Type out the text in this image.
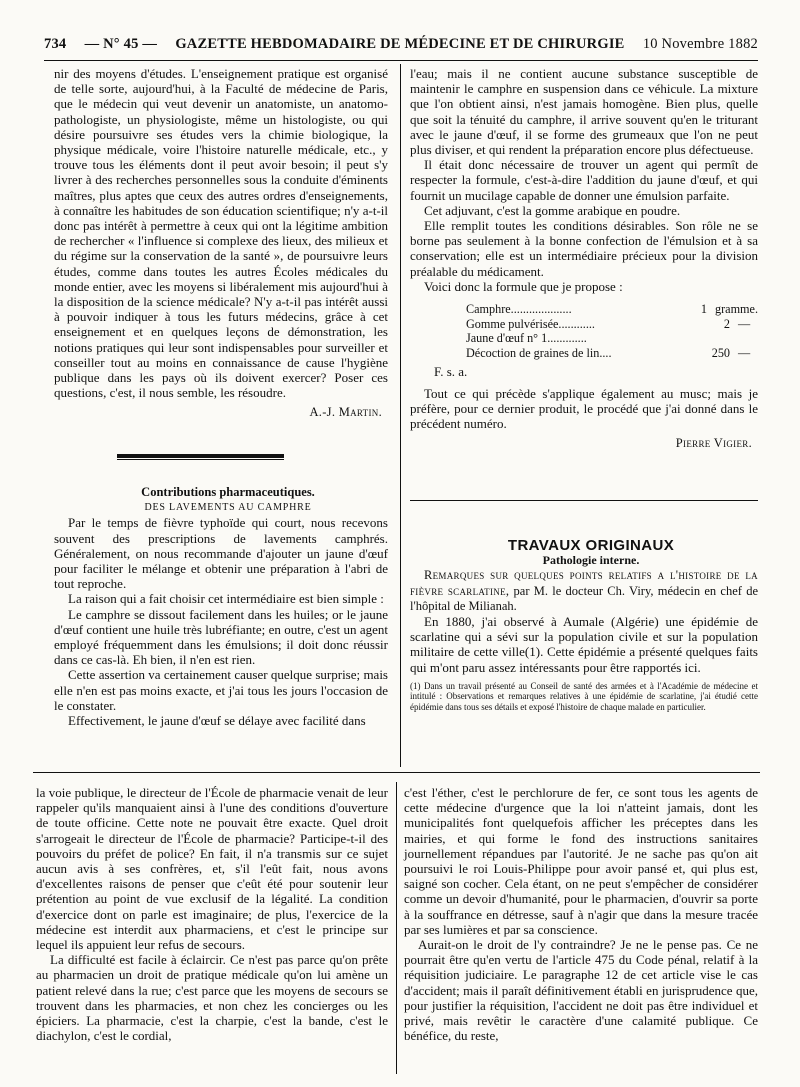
734 — N° 45 — GAZETTE HEBDOMADAIRE DE MÉDECINE ET DE CHIRURGIE 10 Novembre 1882

nir des moyens d'études. L'enseignement pratique est organisé de telle sorte, aujourd'hui, à la Faculté de médecine de Paris, que le médecin qui veut devenir un anatomiste, un anatomo-pathologiste, un physiologiste, même un histologiste, ou qui désire poursuivre ses études vers la chimie biologique, la physique médicale, voire l'histoire naturelle médicale, etc., y trouve tous les éléments dont il peut avoir besoin; il peut s'y livrer à des recherches personnelles sous la conduite d'éminents maîtres, plus aptes que ceux des autres ordres d'enseignements, à connaître les habitudes de son éducation scientifique; n'y a-t-il donc pas intérêt à permettre à ceux qui ont la légitime ambition de rechercher « l'influence si complexe des lieux, des milieux et du régime sur la conservation de la santé », de poursuivre leurs études, comme dans toutes les autres Écoles médicales du monde entier, avec les moyens si libéralement mis aujourd'hui à la disposition de la science médicale? N'y a-t-il pas intérêt aussi à pouvoir indiquer à tous les futurs médecins, grâce à cet enseignement et en quelques leçons de démonstration, les notions pratiques qui leur sont indispensables pour surveiller et conseiller tout au moins en connaissance de cause l'hygiène publique dans les pays où ils doivent exercer? Poser ces questions, c'est, il nous semble, les résoudre.

A.-J. Martin.

Contributions pharmaceutiques.

DES LAVEMENTS AU CAMPHRE

Par le temps de fièvre typhoïde qui court, nous recevons souvent des prescriptions de lavements camphrés. Généralement, on nous recommande d'ajouter un jaune d'œuf pour faciliter le mélange et obtenir une préparation à l'abri de tout reproche.

La raison qui a fait choisir cet intermédiaire est bien simple :

Le camphre se dissout facilement dans les huiles; or le jaune d'œuf contient une huile très lubréfiante; en outre, c'est un agent employé fréquemment dans les émulsions; il doit donc réussir dans ce cas-là. Eh bien, il n'en est rien.

Cette assertion va certainement causer quelque surprise; mais elle n'en est pas moins exacte, et j'ai tous les jours l'occasion de le constater.

Effectivement, le jaune d'œuf se délaye avec facilité dans

l'eau; mais il ne contient aucune substance susceptible de maintenir le camphre en suspension dans ce véhicule. La mixture que l'on obtient ainsi, n'est jamais homogène. Bien plus, quelle que soit la ténuité du camphre, il arrive souvent qu'en le triturant avec le jaune d'œuf, il se forme des grumeaux que l'on ne peut plus diviser, et qui rendent la préparation encore plus défectueuse.

Il était donc nécessaire de trouver un agent qui permît de respecter la formule, c'est-à-dire l'addition du jaune d'œuf, et qui fournit un mucilage capable de donner une émulsion parfaite.

Cet adjuvant, c'est la gomme arabique en poudre.

Elle remplit toutes les conditions désirables. Son rôle ne se borne pas seulement à la bonne confection de l'émulsion et à sa conservation; elle est un intermédiaire précieux pour la division préalable du médicament.

Voici donc la formule que je propose :

Camphre....................	1 gramme.
Gomme pulvérisée............	2 —
Jaune d'œuf n° 1.............
Décoction de graines de lin....	250 —
F. s. a.

Tout ce qui précède s'applique également au musc; mais je préfère, pour ce dernier produit, le procédé que j'ai donné dans le précédent numéro.

Pierre Vigier.

TRAVAUX ORIGINAUX

Pathologie interne.

Remarques sur quelques points relatifs a l'histoire de la fièvre scarlatine, par M. le docteur Ch. Viry, médecin en chef de l'hôpital de Milianah.

En 1880, j'ai observé à Aumale (Algérie) une épidémie de scarlatine qui a sévi sur la population civile et sur la population militaire de cette ville(1). Cette épidémie a présenté quelques faits qui m'ont paru assez intéressants pour être rapportés ici.

(1) Dans un travail présenté au Conseil de santé des armées et à l'Académie de médecine et intitulé : Observations et remarques relatives à une épidémie de scarlatine, j'ai étudié cette épidémie dans tous ses détails et exposé l'histoire de chaque malade en particulier.

la voie publique, le directeur de l'École de pharmacie venait de leur rappeler qu'ils manquaient ainsi à l'une des conditions d'ouverture de toute officine. Cette note ne pouvait être exacte. Quel droit s'arrogeait le directeur de l'École de pharmacie? Participe-t-il des pouvoirs du préfet de police? En fait, il n'a transmis sur ce sujet aucun avis à ses confrères, et, s'il l'eût fait, nous avons d'excellentes raisons de penser que c'eût été pour soutenir leur prétention au point de vue exclusif de la légalité. La condition d'exercice dont on parle est imaginaire; de plus, l'exercice de la médecine est interdit aux pharmaciens, et c'est le principe sur lequel ils appuient leur refus de secours.

La difficulté est facile à éclaircir. Ce n'est pas parce qu'on prête au pharmacien un droit de pratique médicale qu'on lui amène un patient relevé dans la rue; c'est parce que les moyens de secours se trouvent dans les pharmacies, et non chez les concierges ou les épiciers. La pharmacie, c'est la charpie, c'est la bande, c'est le diachylon, c'est le cordial,

c'est l'éther, c'est le perchlorure de fer, ce sont tous les agents de cette médecine d'urgence que la loi n'atteint jamais, dont les municipalités font quelquefois afficher les préceptes dans les mairies, et qui forme le fond des instructions sanitaires journellement répandues par l'autorité. Je ne sache pas qu'on ait poursuivi le roi Louis-Philippe pour avoir pansé et, qui plus est, saigné son cocher. Cela étant, on ne peut s'empêcher de considérer comme un devoir d'humanité, pour le pharmacien, d'ouvrir sa porte à la souffrance en détresse, sauf à n'agir que dans la mesure tracée par ses lumières et par sa conscience.

Aurait-on le droit de l'y contraindre? Je ne le pense pas. Ce ne pourrait être qu'en vertu de l'article 475 du Code pénal, relatif à la réquisition judiciaire. Le paragraphe 12 de cet article vise le cas d'accident; mais il paraît définitivement établi en jurisprudence que, pour justifier la réquisition, l'accident ne doit pas être individuel et privé, mais revêtir le caractère d'une calamité publique. Ce bénéfice, du reste,
